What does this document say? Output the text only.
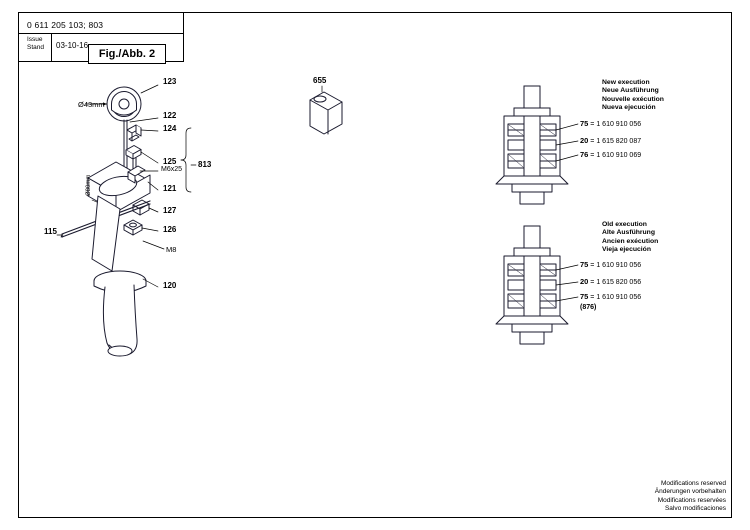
0 611 205 103; 803
Issue
Stand 03-10-16
Fig./Abb. 2
123
122
124
125
121
127
126
120
115
813
Ø43mm
Ø80mm
M6x25
M8
655	New execution
Neue Ausführung
Nouvelle exécution
Nueva ejecución
75 = 1 610 910 056
20 = 1 615 820 087
76 = 1 610 910 069
Old execution
Alte Ausführung
Ancien exécution
Vieja ejecución
75 = 1 610 910 056
20 = 1 615 820 056
75 = 1 610 910 056
(876)
Modifications reserved
Änderungen vorbehalten
Modifications reservées
Salvo modificaciones
